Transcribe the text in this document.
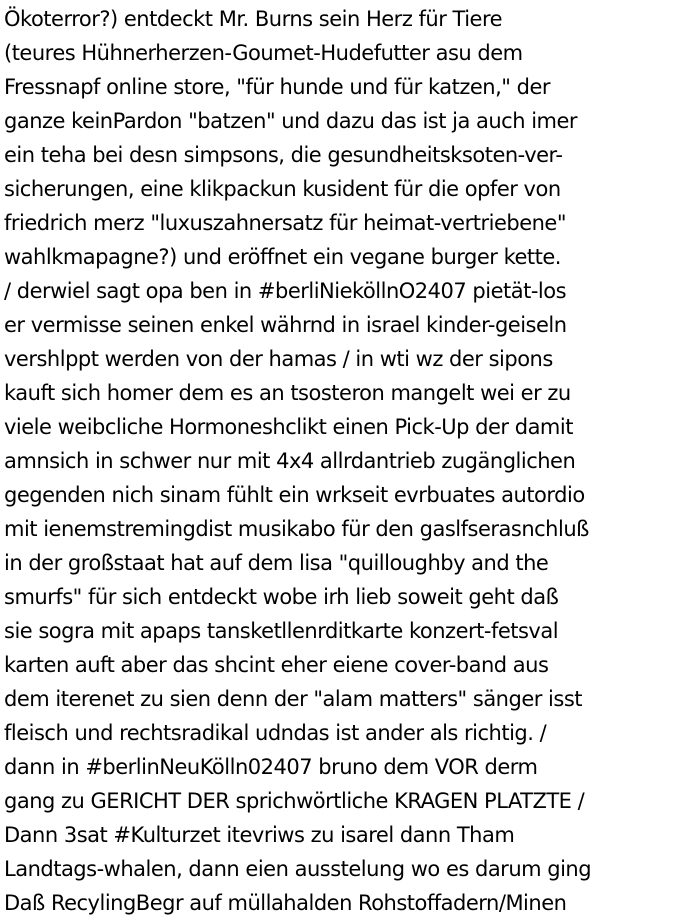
Ökoterror?) entdeckt Mr. Burns sein Herz für Tiere
(teures Hühnerherzen-Goumet-Hudefutter asu dem
Fressnapf online store, "für hunde und für katzen," der
ganze keinPardon "batzen" und dazu das ist ja auch imer
ein teha bei desn simpsons, die gesundheitsksoten-ver-
sicherungen, eine klikpackun kusident für die opfer von
friedrich merz "luxuszahnersatz für heimat-vertriebene"
wahlkmapagne?) und eröffnet ein vegane burger kette.
/ derwiel sagt opa ben in #berliNieköllnO2407 pietät-los
er vermisse seinen enkel währnd in israel kinder-geiseln
vershlppt werden von der hamas / in wti wz der sipons
kauft sich homer dem es an tsosteron mangelt wei er zu
viele weibcliche Hormoneshclikt einen Pick-Up der damit
amnsich in schwer nur mit 4x4 allrdantrieb zugänglichen
gegenden nich sinam fühlt ein wrkseit evrbuates autordio
mit ienemstremingdist musikabo für den gaslfserasnchluß
in der großstaat hat auf dem lisa "quilloughby and the
smurfs" für sich entdeckt wobe irh lieb soweit geht daß
sie sogra mit apaps tansketllenrditkarte konzert-fetsval
karten auft aber das shcint eher eiene cover-band aus
dem iterenet zu sien denn der "alam matters" sänger isst
fleisch und rechtsradikal udndas ist ander als richtig. /
dann in #berlinNeuKölln02407 bruno dem VOR derm
gang zu GERICHT DER sprichwörtliche KRAGEN PLATZTE /
Dann 3sat #Kulturzet itevriws zu isarel dann Tham
Landtags-whalen, dann eien ausstelung wo es darum ging
Daß RecylingBegr auf müllahalden Rohstoffadern/Minen
